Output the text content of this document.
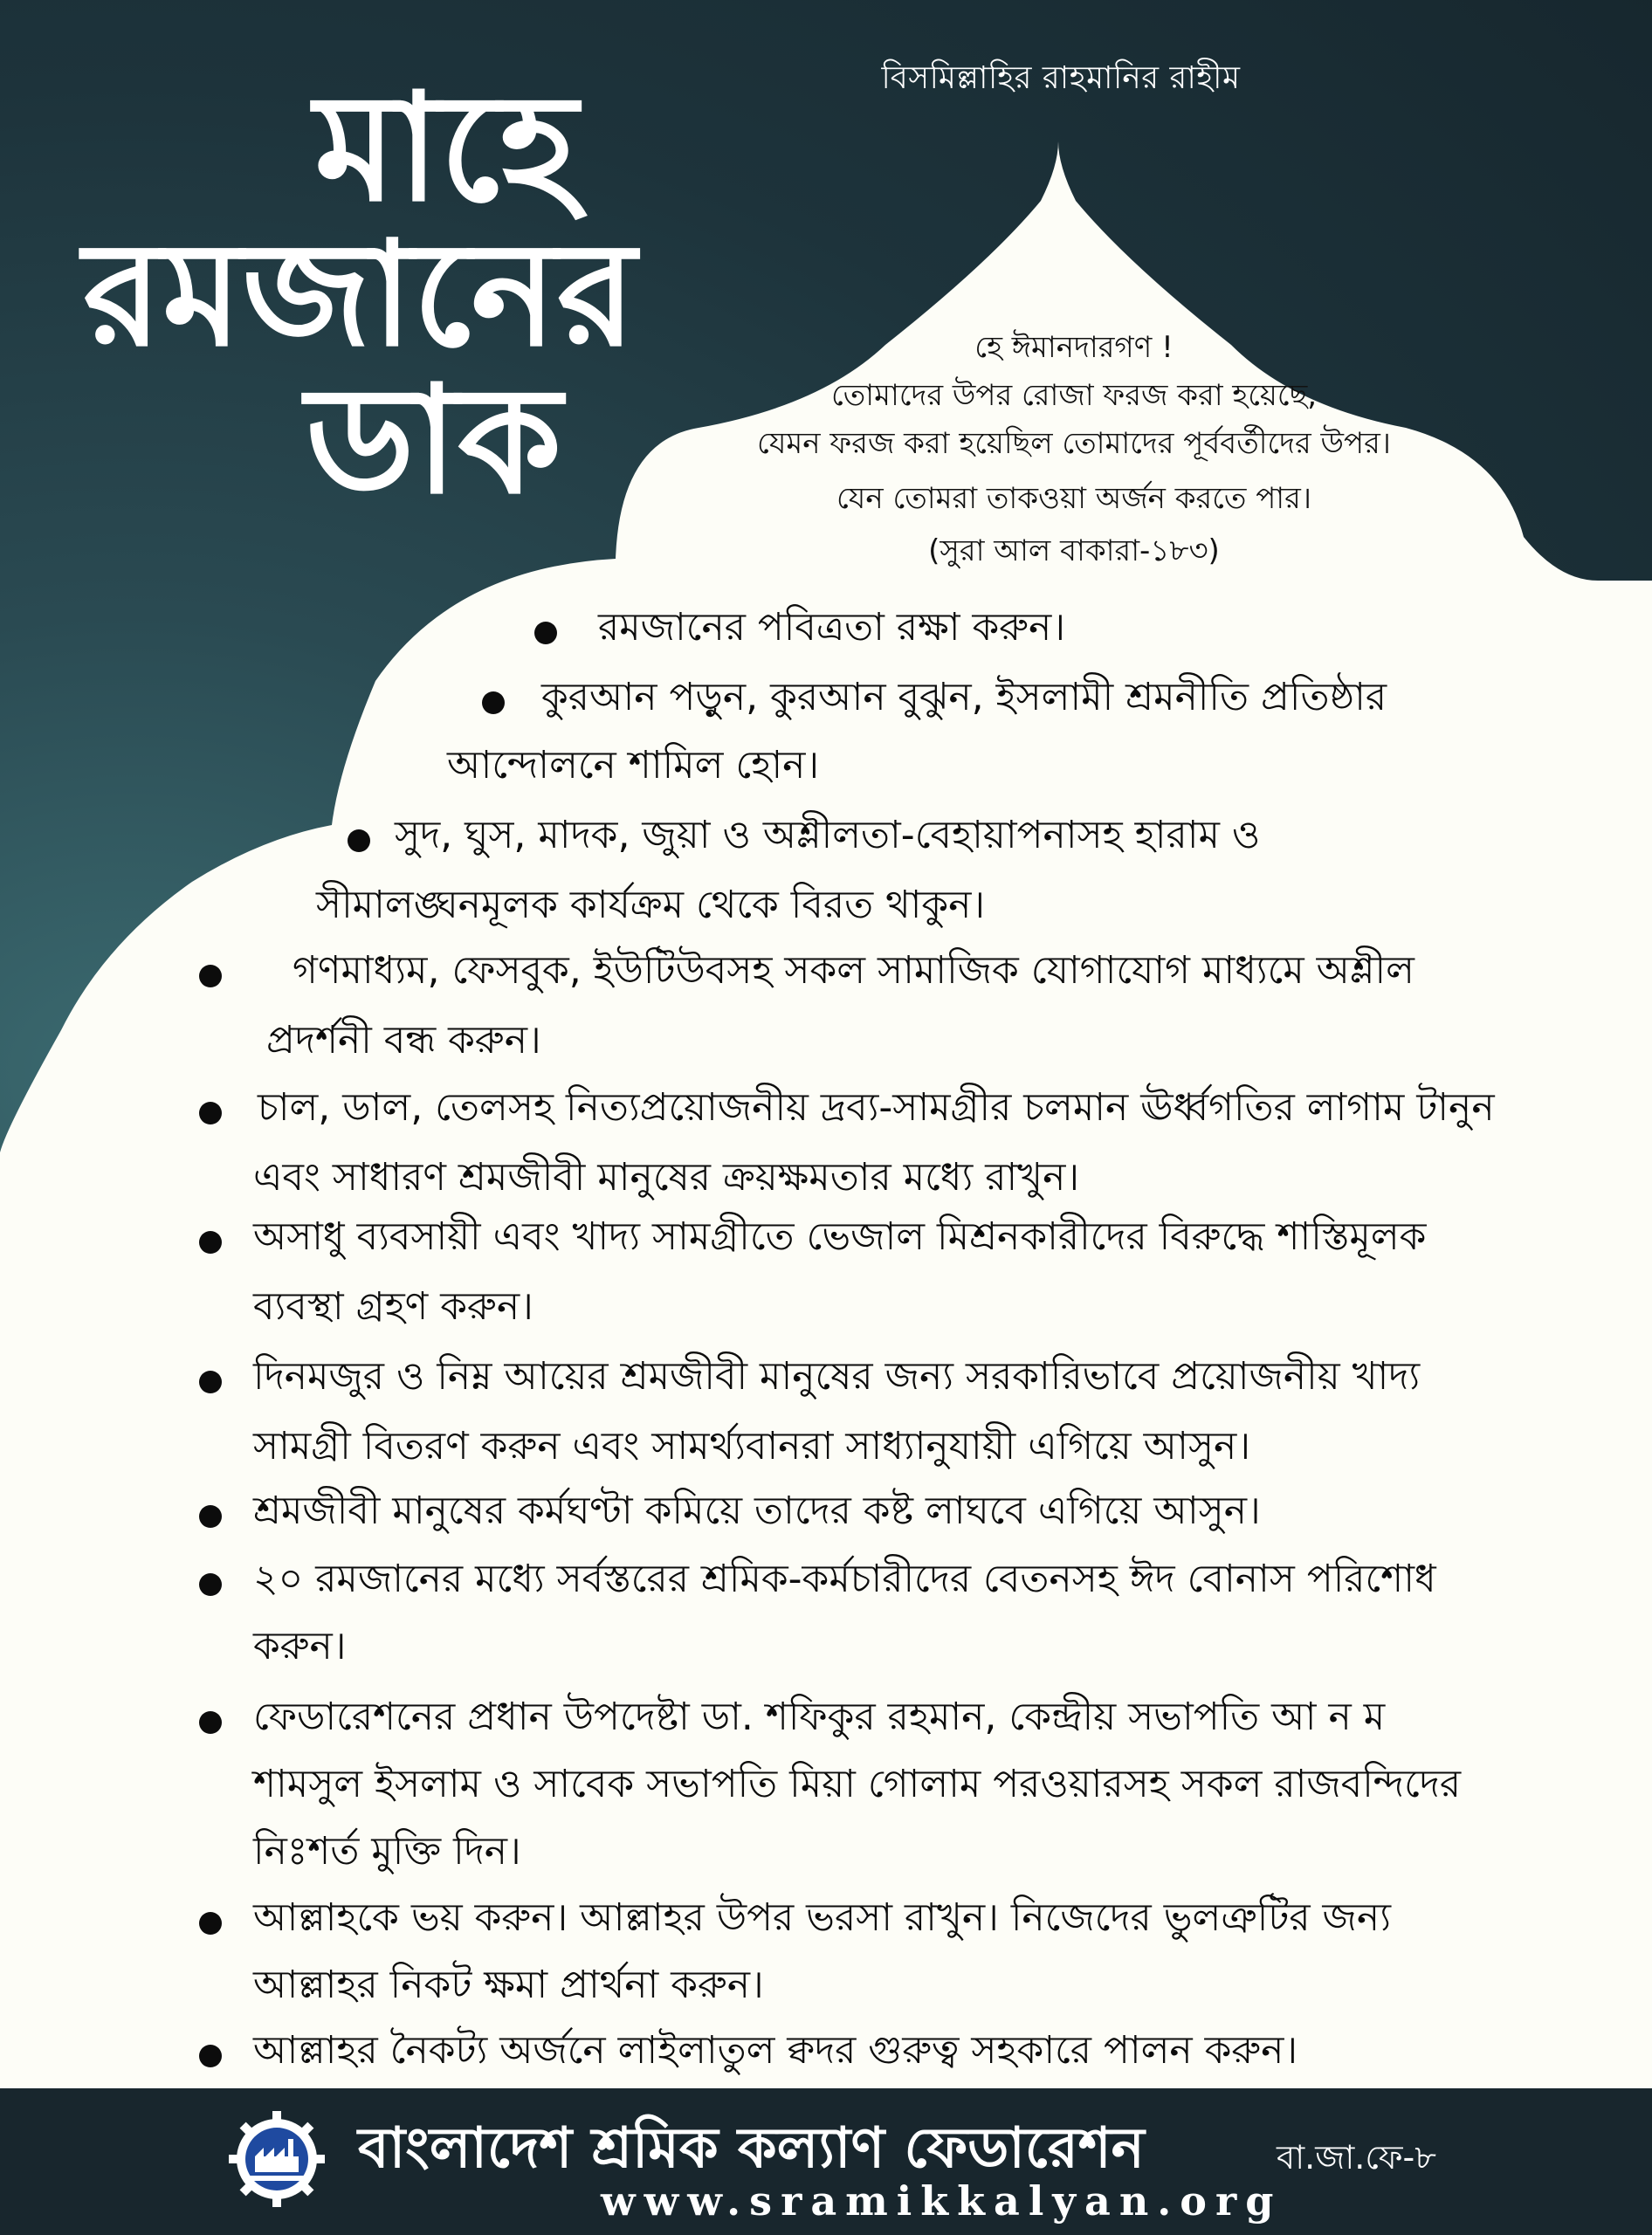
বিসমিল্লাহির রাহমানির রাহীম
মাহে
রমজানের
ডাক
হে ঈমানদারগণ !
তোমাদের উপর রোজা ফরজ করা হয়েছে,
যেমন ফরজ করা হয়েছিল তোমাদের পূর্ববর্তীদের উপর।
যেন তোমরা তাকওয়া অর্জন করতে পার।
(সুরা আল বাকারা-১৮৩)
রমজানের পবিত্রতা রক্ষা করুন।
কুরআন পড়ুন, কুরআন বুঝুন, ইসলামী শ্রমনীতি প্রতিষ্ঠার
আন্দোলনে শামিল হোন।
সুদ, ঘুস, মাদক, জুয়া ও অশ্লীলতা-বেহায়াপনাসহ হারাম ও
সীমালঙ্ঘনমূলক কার্যক্রম থেকে বিরত থাকুন।
গণমাধ্যম, ফেসবুক, ইউটিউবসহ সকল সামাজিক যোগাযোগ মাধ্যমে অশ্লীল
প্রদর্শনী বন্ধ করুন।
চাল, ডাল, তেলসহ নিত্যপ্রয়োজনীয় দ্রব্য-সামগ্রীর চলমান ঊর্ধ্বগতির লাগাম টানুন
এবং সাধারণ শ্রমজীবী মানুষের ক্রয়ক্ষমতার মধ্যে রাখুন।
অসাধু ব্যবসায়ী এবং খাদ্য সামগ্রীতে ভেজাল মিশ্রনকারীদের বিরুদ্ধে শাস্তিমূলক
ব্যবস্থা গ্রহণ করুন।
দিনমজুর ও নিম্ন আয়ের শ্রমজীবী মানুষের জন্য সরকারিভাবে প্রয়োজনীয় খাদ্য
সামগ্রী বিতরণ করুন এবং সামর্থ্যবানরা সাধ্যানুযায়ী এগিয়ে আসুন।
শ্রমজীবী মানুষের কর্মঘণ্টা কমিয়ে তাদের কষ্ট লাঘবে এগিয়ে আসুন।
২০ রমজানের মধ্যে সর্বস্তরের শ্রমিক-কর্মচারীদের বেতনসহ ঈদ বোনাস পরিশোধ
করুন।
ফেডারেশনের প্রধান উপদেষ্টা ডা. শফিকুর রহমান, কেন্দ্রীয় সভাপতি আ ন ম
শামসুল ইসলাম ও সাবেক সভাপতি মিয়া গোলাম পরওয়ারসহ সকল রাজবন্দিদের
নিঃশর্ত মুক্তি দিন।
আল্লাহকে ভয় করুন। আল্লাহর উপর ভরসা রাখুন। নিজেদের ভুলত্রুটির জন্য
আল্লাহর নিকট ক্ষমা প্রার্থনা করুন।
আল্লাহর নৈকট্য অর্জনে লাইলাতুল ক্বদর গুরুত্ব সহকারে পালন করুন।
বাংলাদেশ শ্রমিক কল্যাণ ফেডারেশন	বা.জা.ফে-৮
www.sramikkalyan.org
